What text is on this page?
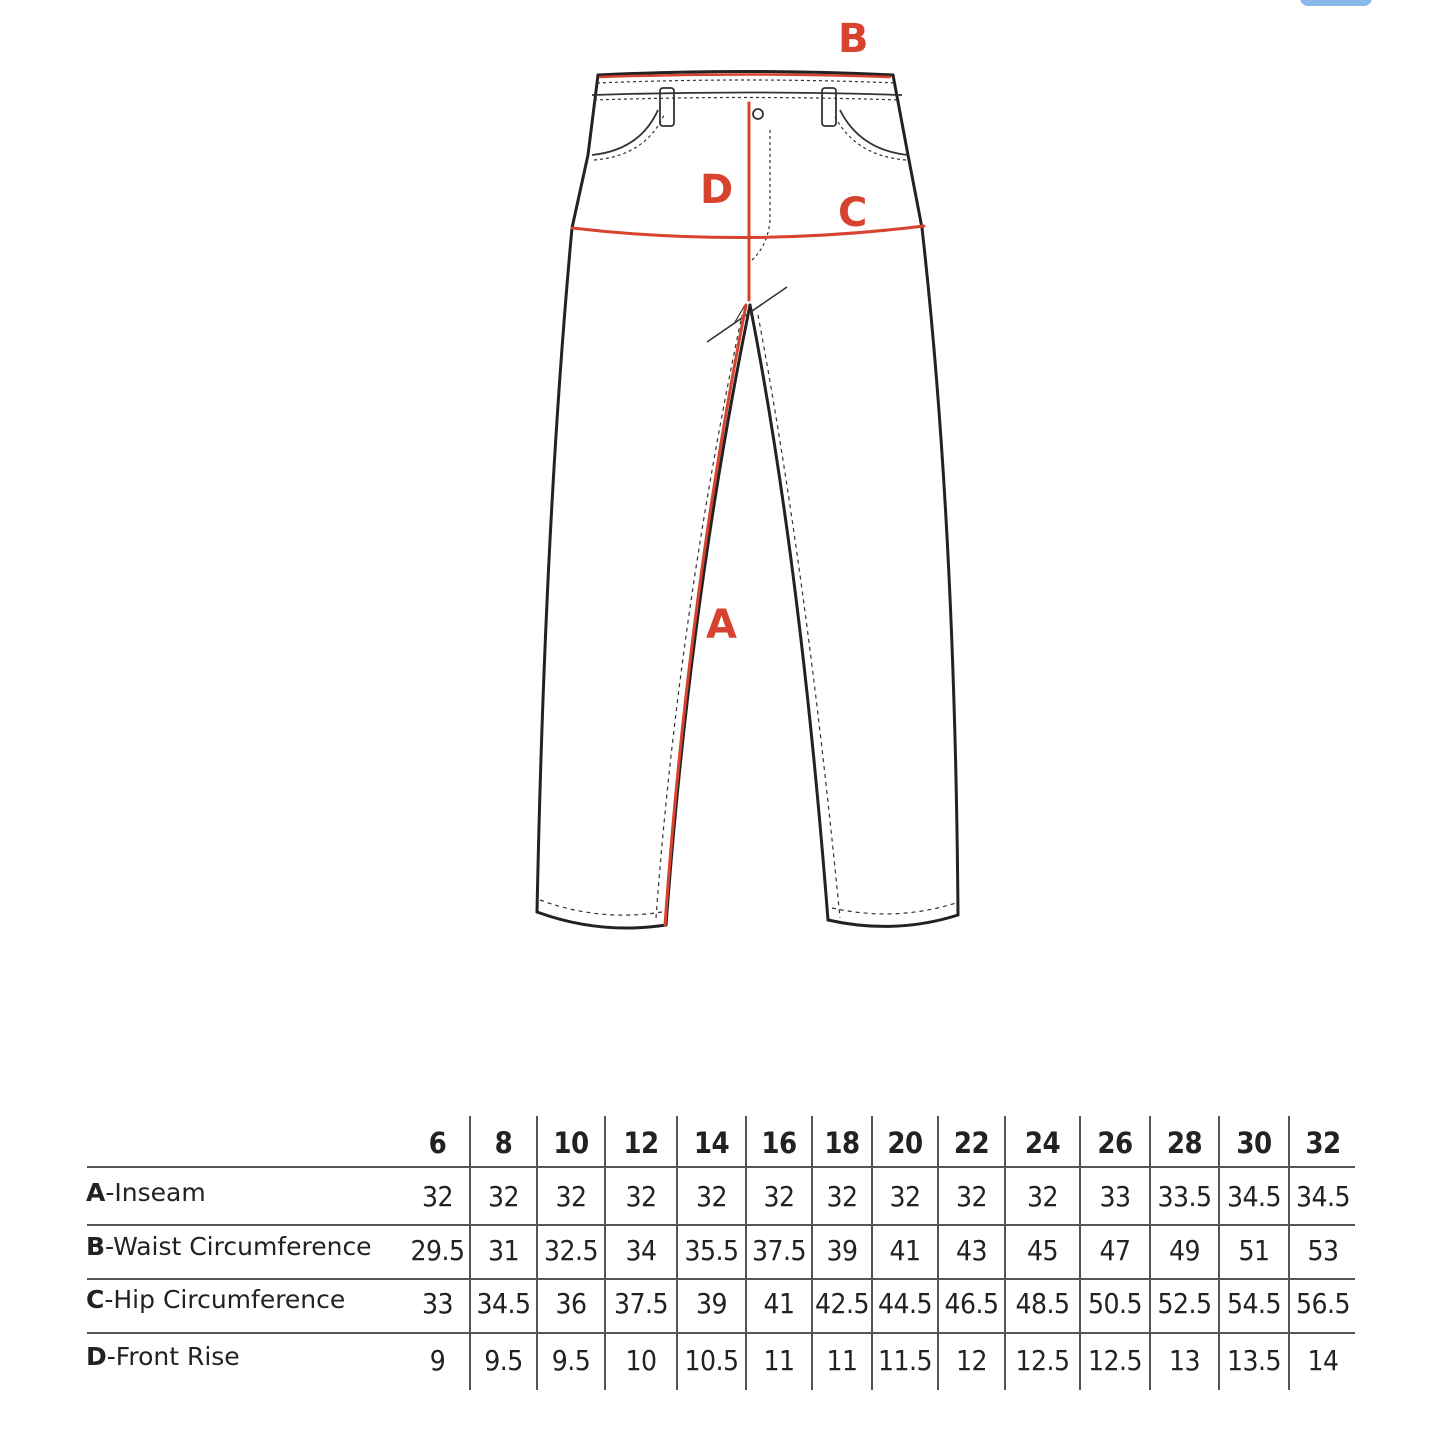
B
C
D
A
6	8	10	12	14	16 18 20	22	24	26	28	30	32
A-Inseam	32	32	32	32	32	32	32	32	32	32	33 33.5 34.5 34.5
B-Waist Circumference 29.5 31 32.5 34 35.5 37.5 39	41	43	45	47	49	51	53
C-Hip Circumference	33 34.5 36 37.5 39	41 42.5 44.5 46.5 48.5 50.5 52.5 54.5 56.5
D-Front Rise	9	9.5	9.5	10 10.5 11	11 11.5 12	12.5 12.5 13 13.5 14
